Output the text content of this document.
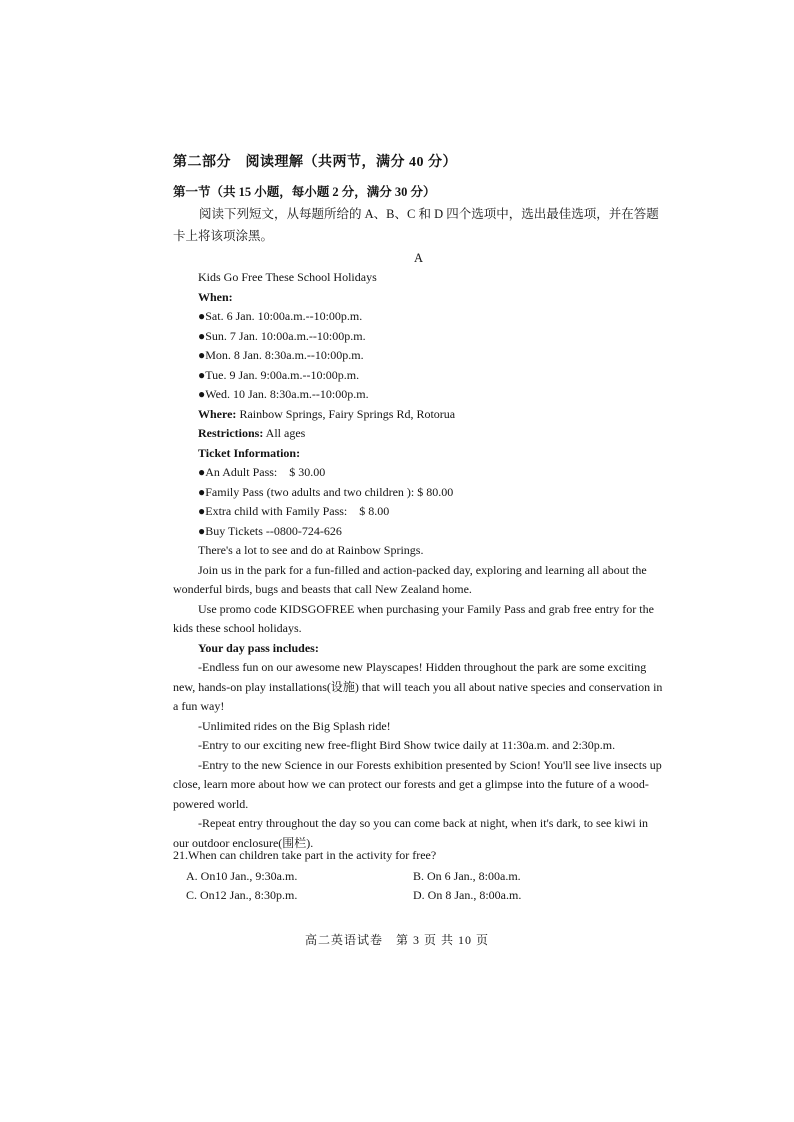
第二部分　阅读理解（共两节，满分 40 分）
第一节（共 15 小题，每小题 2 分，满分 30 分）
阅读下列短文，从每题所给的 A、B、C 和 D 四个选项中，选出最佳选项，并在答题卡上将该项涂黑。
A
Kids Go Free These School Holidays
When:
●Sat. 6 Jan. 10:00a.m.--10:00p.m.
●Sun. 7 Jan. 10:00a.m.--10:00p.m.
●Mon. 8 Jan. 8:30a.m.--10:00p.m.
●Tue. 9 Jan. 9:00a.m.--10:00p.m.
●Wed. 10 Jan. 8:30a.m.--10:00p.m.
Where: Rainbow Springs, Fairy Springs Rd, Rotorua
Restrictions: All ages
Ticket Information:
●An Adult Pass:　$ 30.00
●Family Pass (two adults and two children ): $ 80.00
●Extra child with Family Pass:　$ 8.00
●Buy Tickets --0800-724-626
There's a lot to see and do at Rainbow Springs.
Join us in the park for a fun-filled and action-packed day, exploring and learning all about the wonderful birds, bugs and beasts that call New Zealand home.
Use promo code KIDSGOFREE when purchasing your Family Pass and grab free entry for the kids these school holidays.
Your day pass includes:
-Endless fun on our awesome new Playscapes! Hidden throughout the park are some exciting new, hands-on play installations(设施) that will teach you all about native species and conservation in a fun way!
-Unlimited rides on the Big Splash ride!
-Entry to our exciting new free-flight Bird Show twice daily at 11:30a.m. and 2:30p.m.
-Entry to the new Science in our Forests exhibition presented by Scion! You'll see live insects up close, learn more about how we can protect our forests and get a glimpse into the future of a wood-powered world.
-Repeat entry throughout the day so you can come back at night, when it's dark, to see kiwi in our outdoor enclosure(围栏).
21.When can children take part in the activity for free?
A. On10 Jan., 9:30a.m.	B. On 6 Jan., 8:00a.m.
C. On12 Jan., 8:30p.m.	D. On 8 Jan., 8:00a.m.
高二英语试卷　第 3 页 共 10 页
